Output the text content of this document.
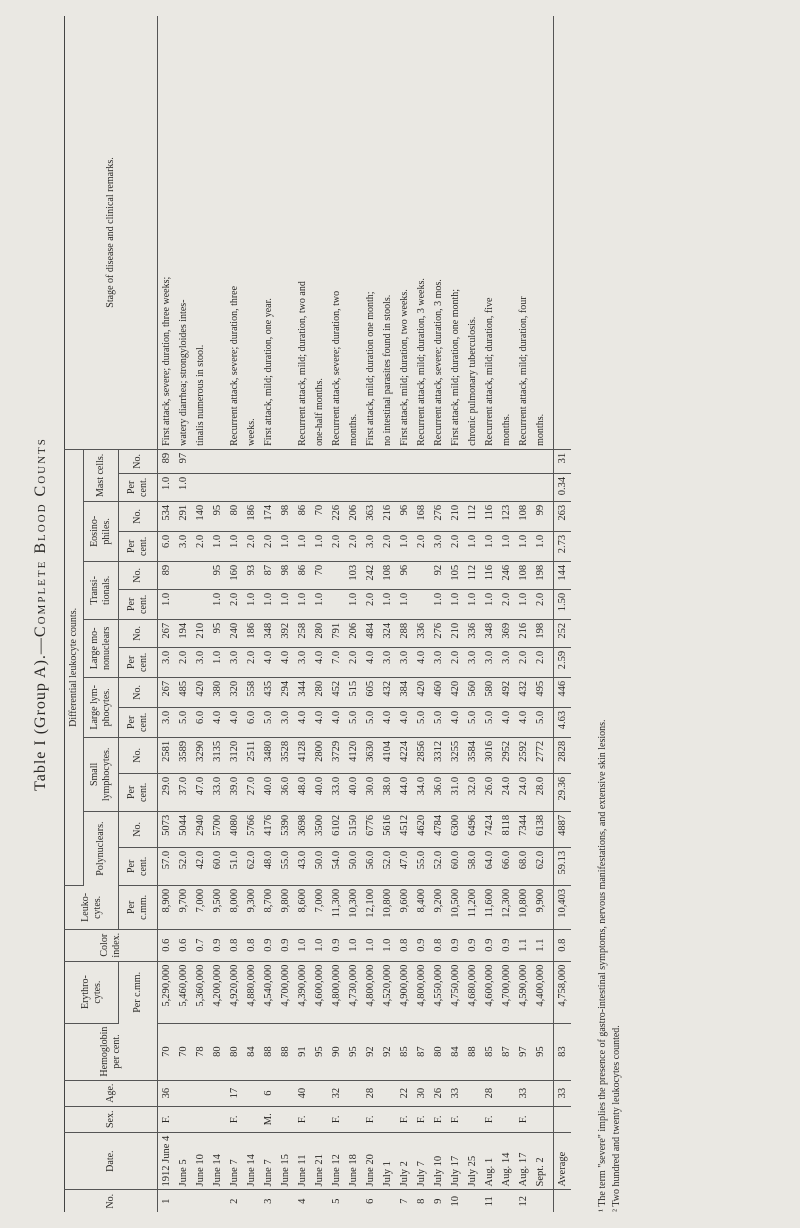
Table I (Group A).—Complete Blood Counts
No.	Date.	Sex.	Age.	Hemoglobin per cent.	Erythro-cytes.	Color index.	Leuko-cytes.	Differential leukocyte counts.														Stage of disease and clinical remarks.
								Polynuclears.		Small lymphocytes.		Large lym-phocytes.		Large mo-nonuclears		Transi-tionals.		Eosino-philes.		Mast cells.		
					Per c.mm.		Per c.mm.	Per cent.	No.	Per cent.	No.	Per cent.	No.	Per cent.	No.	Per cent.	No.	Per cent.	No.	Per cent.	No.	
1	1912 June 4	F.	36	70	5,290,000	0.6	8,900	57.0	5073	29.0	2581	3.0	267	3.0	267	1.0	89	6.0	534	1.0	89	First attack, severe; duration, three weeks;
	June 5			70	5,460,000	0.6	9,700	52.0	5044	37.0	3589	5.0	485	2.0	194			3.0	291	1.0	97	watery diarrhea; strongyloides intes-
	June 10			78	5,360,000	0.7	7,000	42.0	2940	47.0	3290	6.0	420	3.0	210			2.0	140			tinalis numerous in stool.
	June 14			80	4,200,000	0.9	9,500	60.0	5700	33.0	3135	4.0	380	1.0	95	1.0	95	1.0	95			
2	June 7	F.	17	80	4,920,000	0.8	8,000	51.0	4080	39.0	3120	4.0	320	3.0	240	2.0	160	1.0	80			Recurrent attack, severe; duration, three
	June 14			84	4,880,000	0.8	9,300	62.0	5766	27.0	2511	6.0	558	2.0	186	1.0	93	2.0	186			weeks.
3	June 7	M.	6	88	4,540,000	0.9	8,700	48.0	4176	40.0	3480	5.0	435	4.0	348	1.0	87	2.0	174			First attack, mild; duration, one year.
	June 15			88	4,700,000	0.9	9,800	55.0	5390	36.0	3528	3.0	294	4.0	392	1.0	98	1.0	98			
4	June 11	F.	40	91	4,390,000	1.0	8,600	43.0	3698	48.0	4128	4.0	344	3.0	258	1.0	86	1.0	86			Recurrent attack, mild; duration, two and
	June 21			95	4,600,000	1.0	7,000	50.0	3500	40.0	2800	4.0	280	4.0	280	1.0	70	1.0	70			one-half months.
5	June 12	F.	32	90	4,800,000	0.9	11,300	54.0	6102	33.0	3729	4.0	452	7.0	791			2.0	226			Recurrent attack, severe; duration, two
	June 18			95	4,730,000	1.0	10,300	50.0	5150	40.0	4120	5.0	515	2.0	206	1.0	103	2.0	206			months.
6	June 20	F.	28	92	4,800,000	1.0	12,100	56.0	6776	30.0	3630	5.0	605	4.0	484	2.0	242	3.0	363			First attack, mild; duration one month;
	July 1			92	4,520,000	1.0	10,800	52.0	5616	38.0	4104	4.0	432	3.0	324	1.0	108	2.0	216			no intestinal parasites found in stools.
7	July 2	F.	22	85	4,900,000	0.8	9,600	47.0	4512	44.0	4224	4.0	384	3.0	288	1.0	96	1.0	96			First attack, mild; duration, two weeks.
8	July 7	F.	30	87	4,800,000	0.9	8,400	55.0	4620	34.0	2856	5.0	420	4.0	336			2.0	168			Recurrent attack, mild; duration, 3 weeks.
9	July 10	F.	26	80	4,550,000	0.8	9,200	52.0	4784	36.0	3312	5.0	460	3.0	276	1.0	92	3.0	276			Recurrent attack, severe; duration, 3 mos.
10	July 17	F.	33	84	4,750,000	0.9	10,500	60.0	6300	31.0	3255	4.0	420	2.0	210	1.0	105	2.0	210			First attack, mild; duration, one month;
	July 25			88	4,680,000	0.9	11,200	58.0	6496	32.0	3584	5.0	560	3.0	336	1.0	112	1.0	112			chronic pulmonary tuberculosis.
11	Aug. 1	F.	28	85	4,600,000	0.9	11,600	64.0	7424	26.0	3016	5.0	580	3.0	348	1.0	116	1.0	116			Recurrent attack, mild; duration, five
	Aug. 14			87	4,700,000	0.9	12,300	66.0	8118	24.0	2952	4.0	492	3.0	369	2.0	246	1.0	123			months.
12	Aug. 17	F.	33	97	4,590,000	1.1	10,800	68.0	7344	24.0	2592	4.0	432	2.0	216	1.0	108	1.0	108			Recurrent attack, mild; duration, four
	Sept. 2			95	4,400,000	1.1	9,900	62.0	6138	28.0	2772	5.0	495	2.0	198	2.0	198	1.0	99			months.
	Average		33	83	4,758,000	0.8	10,403	59.13	4887	29.36	2828	4.63	446	2.59	252	1.50	144	2.73	263	0.34	31	
¹ The term "severe" implies the presence of gastro-intestinal symptoms, nervous manifestations, and extensive skin lesions. ² Two hundred and twenty leukocytes counted.
